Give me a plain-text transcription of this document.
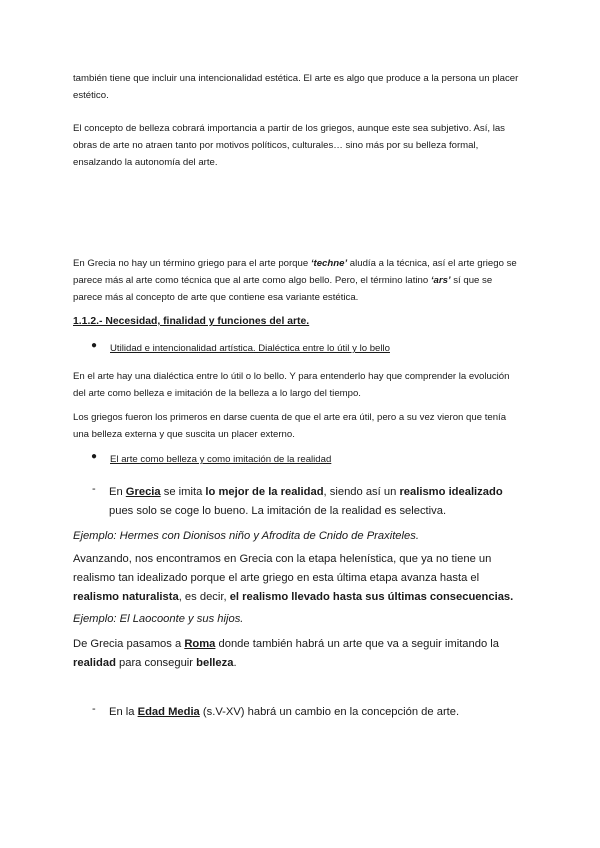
también tiene que incluir una intencionalidad estética. El arte es algo que produce a la persona un placer estético.

El concepto de belleza cobrará importancia a partir de los griegos, aunque este sea subjetivo. Así, las obras de arte no atraen tanto por motivos políticos, culturales… sino más por su belleza formal, ensalzando la autonomía del arte.

En Grecia no hay un término griego para el arte porque ‘techne’ aludía a la técnica, así el arte griego se parece más al arte como técnica que al arte como algo bello. Pero, el término latino ‘ars’ sí que se parece más al concepto de arte que contiene esa variante estética.

1.1.2.- Necesidad, finalidad y funciones del arte.

● Utilidad e intencionalidad artística. Dialéctica entre lo útil y lo bello

En el arte hay una dialéctica entre lo útil o lo bello. Y para entenderlo hay que comprender la evolución del arte como belleza e imitación de la belleza a lo largo del tiempo.

Los griegos fueron los primeros en darse cuenta de que el arte era útil, pero a su vez vieron que tenía una belleza externa y que suscita un placer externo.

● El arte como belleza y como imitación de la realidad

- En Grecia se imita lo mejor de la realidad, siendo así un realismo idealizado pues solo se coge lo bueno. La imitación de la realidad es selectiva.

Ejemplo: Hermes con Dionisos niño y Afrodita de Cnido de Praxiteles.

Avanzando, nos encontramos en Grecia con la etapa helenística, que ya no tiene un realismo tan idealizado porque el arte griego en esta última etapa avanza hasta el realismo naturalista, es decir, el realismo llevado hasta sus últimas consecuencias.

Ejemplo: El Laocoonte y sus hijos.

De Grecia pasamos a Roma donde también habrá un arte que va a seguir imitando la realidad para conseguir belleza.

- En la Edad Media (s.V-XV) habrá un cambio en la concepción de arte.
